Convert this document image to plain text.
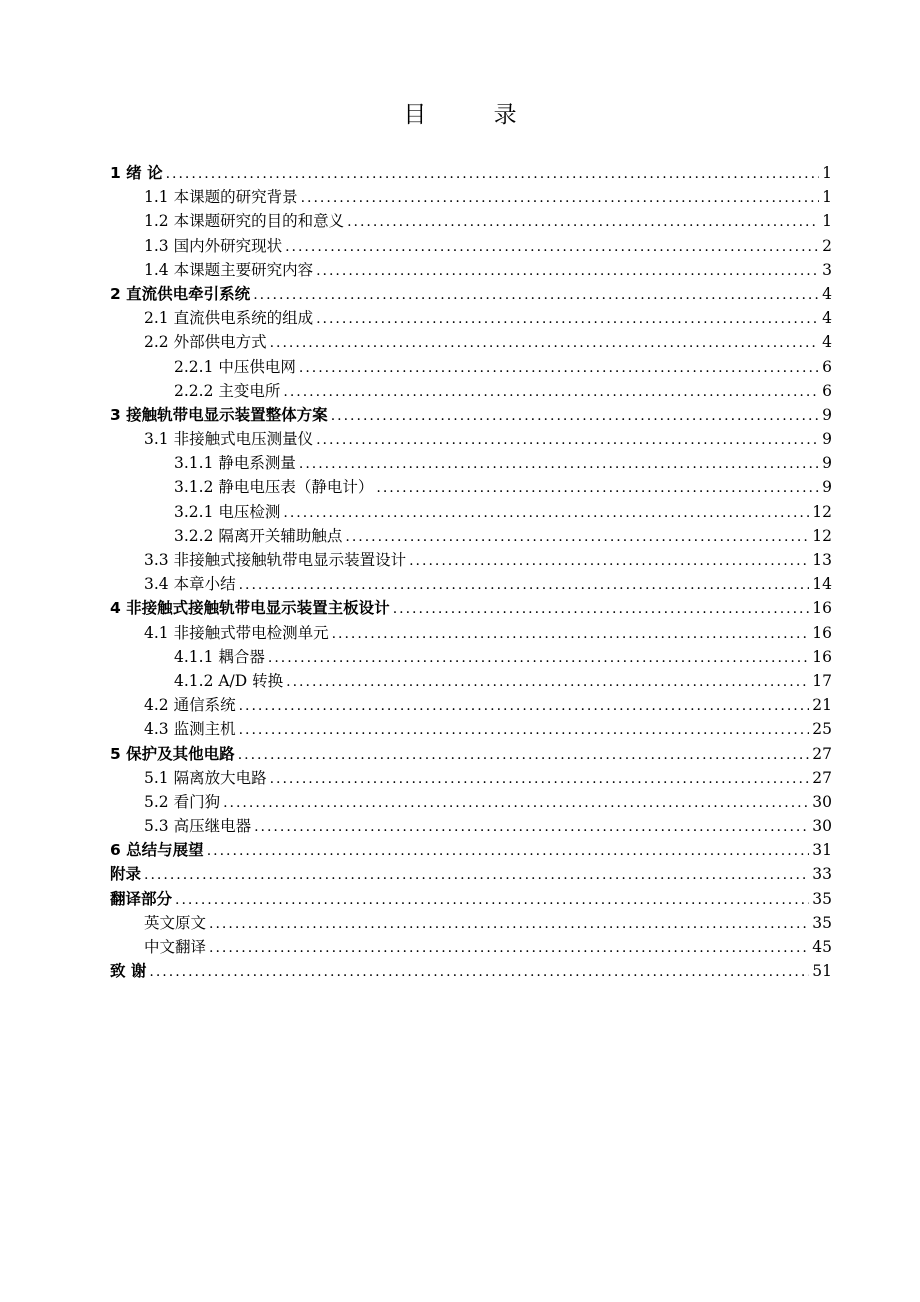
目 录
1 绪 论 .....	1
1.1 本课题的研究背景 .....	1
1.2 本课题研究的目的和意义 .....	1
1.3 国内外研究现状 .....	2
1.4 本课题主要研究内容 .....	3
2 直流供电牵引系统 .....	4
2.1 直流供电系统的组成 .....	4
2.2 外部供电方式 .....	4
2.2.1 中压供电网 .....	6
2.2.2 主变电所 .....	6
3 接触轨带电显示装置整体方案 .....	9
3.1 非接触式电压测量仪 .....	9
3.1.1 静电系测量 .....	9
3.1.2 静电电压表（静电计） .....	9
3.2.1 电压检测 .....	12
3.2.2 隔离开关辅助触点 .....	12
3.3 非接触式接触轨带电显示装置设计 .....	13
3.4 本章小结 .....	14
4 非接触式接触轨带电显示装置主板设计 .....	16
4.1 非接触式带电检测单元 .....	16
4.1.1 耦合器 .....	16
4.1.2 A/D 转换 .....	17
4.2 通信系统 .....	21
4.3 监测主机 .....	25
5 保护及其他电路 .....	27
5.1 隔离放大电路 .....	27
5.2 看门狗 .....	30
5.3 高压继电器 .....	30
6 总结与展望 .....	31
附录 .....	33
翻译部分 .....	35
英文原文 .....	35
中文翻译 .....	45
致 谢 .....	51
